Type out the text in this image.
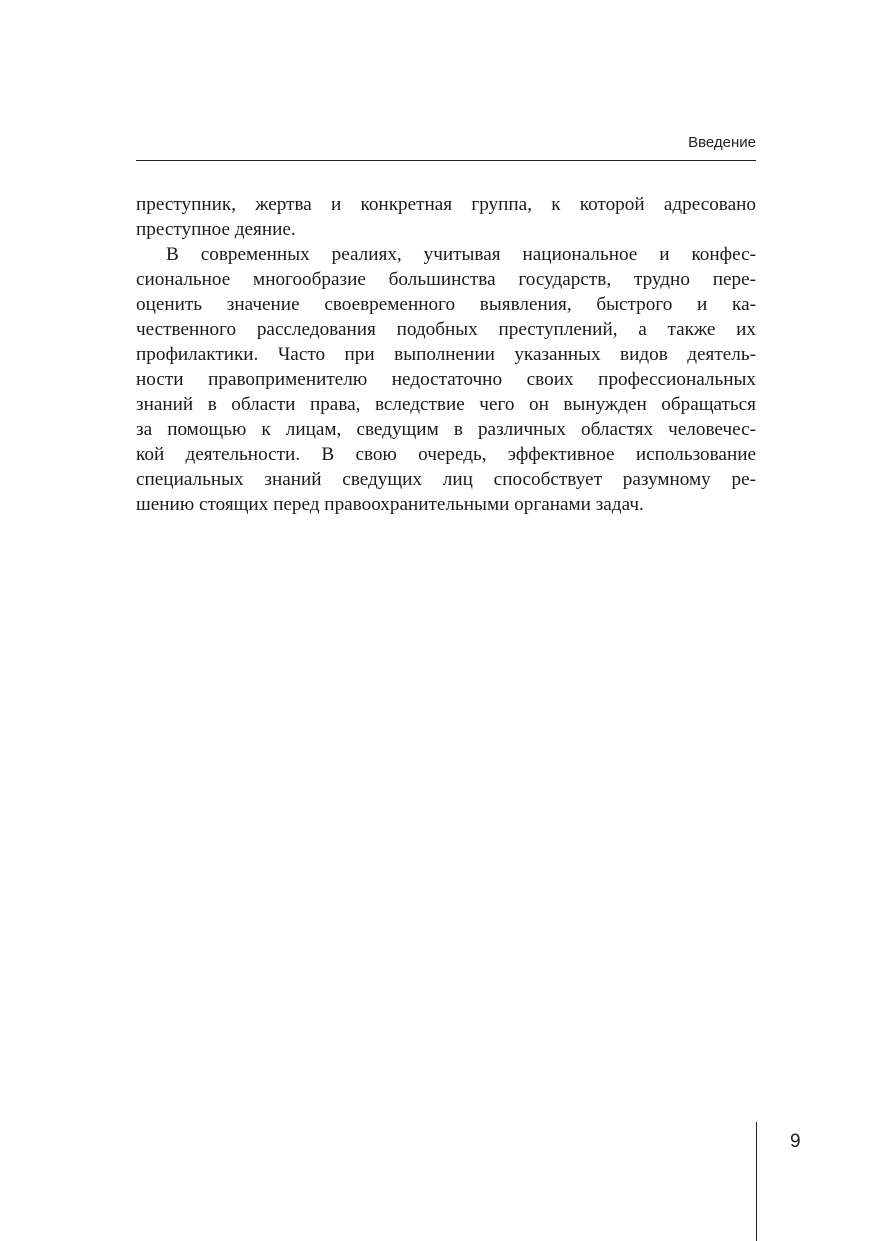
Введение
преступник, жертва и конкретная группа, к которой адресовано
преступное деяние.
В современных реалиях, учитывая национальное и конфес-
сиональное многообразие большинства государств, трудно пере-
оценить значение своевременного выявления, быстрого и ка-
чественного расследования подобных преступлений, а также их
профилактики. Часто при выполнении указанных видов деятель-
ности правоприменителю недостаточно своих профессиональных
знаний в области права, вследствие чего он вынужден обращаться
за помощью к лицам, сведущим в различных областях человечес-
кой деятельности. В свою очередь, эффективное использование
специальных знаний сведущих лиц способствует разумному ре-
шению стоящих перед правоохранительными органами задач.
9
